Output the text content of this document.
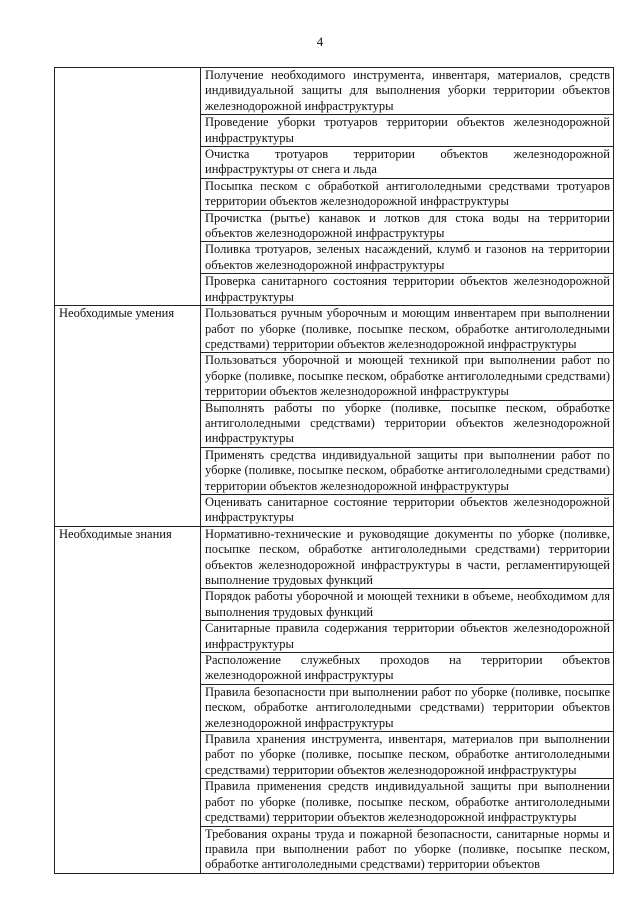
4
	Получение необходимого инструмента, инвентаря, материалов, средств индивидуальной защиты для выполнения уборки территории объектов железнодорожной инфраструктуры
	Проведение уборки тротуаров территории объектов железнодорожной инфраструктуры
	Очистка тротуаров территории объектов железнодорожной инфраструктуры от снега и льда
	Посыпка песком с обработкой антигололедными средствами тротуаров территории объектов железнодорожной инфраструктуры
	Прочистка (рытье) канавок и лотков для стока воды на территории объектов железнодорожной инфраструктуры
	Поливка тротуаров, зеленых насаждений, клумб и газонов на территории объектов железнодорожной инфраструктуры
	Проверка санитарного состояния территории объектов железнодорожной инфраструктуры
Необходимые умения	Пользоваться ручным уборочным и моющим инвентарем при выполнении работ по уборке (поливке, посыпке песком, обработке антигололедными средствами) территории объектов железнодорожной инфраструктуры
	Пользоваться уборочной и моющей техникой при выполнении работ по уборке (поливке, посыпке песком, обработке антигололедными средствами) территории объектов железнодорожной инфраструктуры
	Выполнять работы по уборке (поливке, посыпке песком, обработке антигололедными средствами) территории объектов железнодорожной инфраструктуры
	Применять средства индивидуальной защиты при выполнении работ по уборке (поливке, посыпке песком, обработке антигололедными средствами) территории объектов железнодорожной инфраструктуры
	Оценивать санитарное состояние территории объектов железнодорожной инфраструктуры
Необходимые знания	Нормативно-технические и руководящие документы по уборке (поливке, посыпке песком, обработке антигололедными средствами) территории объектов железнодорожной инфраструктуры в части, регламентирующей выполнение трудовых функций
	Порядок работы уборочной и моющей техники в объеме, необходимом для выполнения трудовых функций
	Санитарные правила содержания территории объектов железнодорожной инфраструктуры
	Расположение служебных проходов на территории объектов железнодорожной инфраструктуры
	Правила безопасности при выполнении работ по уборке (поливке, посыпке песком, обработке антигололедными средствами) территории объектов железнодорожной инфраструктуры
	Правила хранения инструмента, инвентаря, материалов при выполнении работ по уборке (поливке, посыпке песком, обработке антигололедными средствами) территории объектов железнодорожной инфраструктуры
	Правила применения средств индивидуальной защиты при выполнении работ по уборке (поливке, посыпке песком, обработке антигололедными средствами) территории объектов железнодорожной инфраструктуры
	Требования охраны труда и пожарной безопасности, санитарные нормы и правила при выполнении работ по уборке (поливке, посыпке песком, обработке антигололедными средствами) территории объектов
